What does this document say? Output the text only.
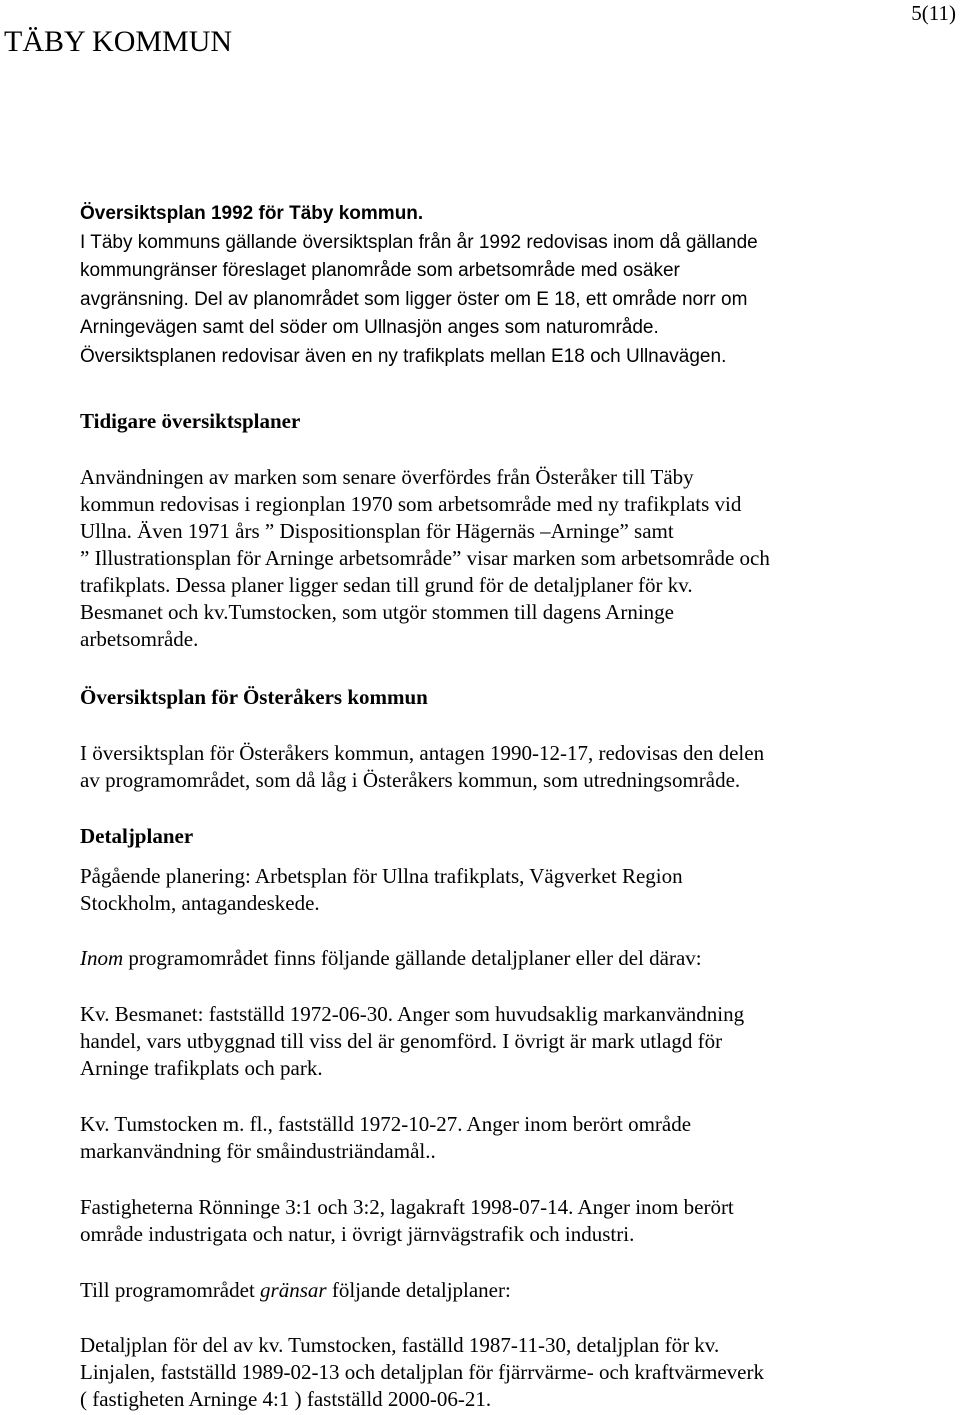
TÄBY KOMMUN
5(11)

Översiktsplan 1992 för Täby kommun.

I Täby kommuns gällande översiktsplan från år 1992 redovisas inom då gällande

kommungränser föreslaget planområde som arbetsområde med osäker

avgränsning. Del av planområdet som ligger öster om E 18, ett område norr om

Arningevägen samt del söder om Ullnasjön anges som naturområde.

Översiktsplanen redovisar även en ny trafikplats mellan E18 och Ullnavägen.

Tidigare översiktsplaner

Användningen av marken som senare överfördes från Österåker till Täby

kommun redovisas i regionplan 1970 som arbetsområde med ny trafikplats vid

Ullna. Även 1971 års ” Dispositionsplan för Hägernäs –Arninge” samt

” Illustrationsplan för Arninge arbetsområde” visar marken som arbetsområde och

trafikplats. Dessa planer ligger sedan till grund för de detaljplaner för kv.

Besmanet och kv.Tumstocken, som utgör stommen till dagens Arninge

arbetsområde.

Översiktsplan för Österåkers kommun

I översiktsplan för Österåkers kommun, antagen 1990-12-17, redovisas den delen

av programområdet, som då låg i Österåkers kommun, som utredningsområde.

Detaljplaner

Pågående planering: Arbetsplan för Ullna trafikplats, Vägverket Region

Stockholm, antagandeskede.

Inom programområdet finns följande gällande detaljplaner eller del därav:

Kv. Besmanet: fastställd 1972-06-30. Anger som huvudsaklig markanvändning

handel, vars utbyggnad till viss del är genomförd. I övrigt är mark utlagd för

Arninge trafikplats och park.

Kv. Tumstocken m. fl., fastställd 1972-10-27. Anger inom berört område

markanvändning för småindustriändamål..

Fastigheterna Rönninge 3:1 och 3:2, lagakraft 1998-07-14. Anger inom berört

område industrigata och natur, i övrigt järnvägstrafik och industri.

Till programområdet gränsar följande detaljplaner:

Detaljplan för del av kv. Tumstocken, faställd 1987-11-30, detaljplan för kv.

Linjalen, fastställd 1989-02-13 och detaljplan för fjärrvärme- och kraftvärmeverk

( fastigheten Arninge 4:1 ) fastställd 2000-06-21.
